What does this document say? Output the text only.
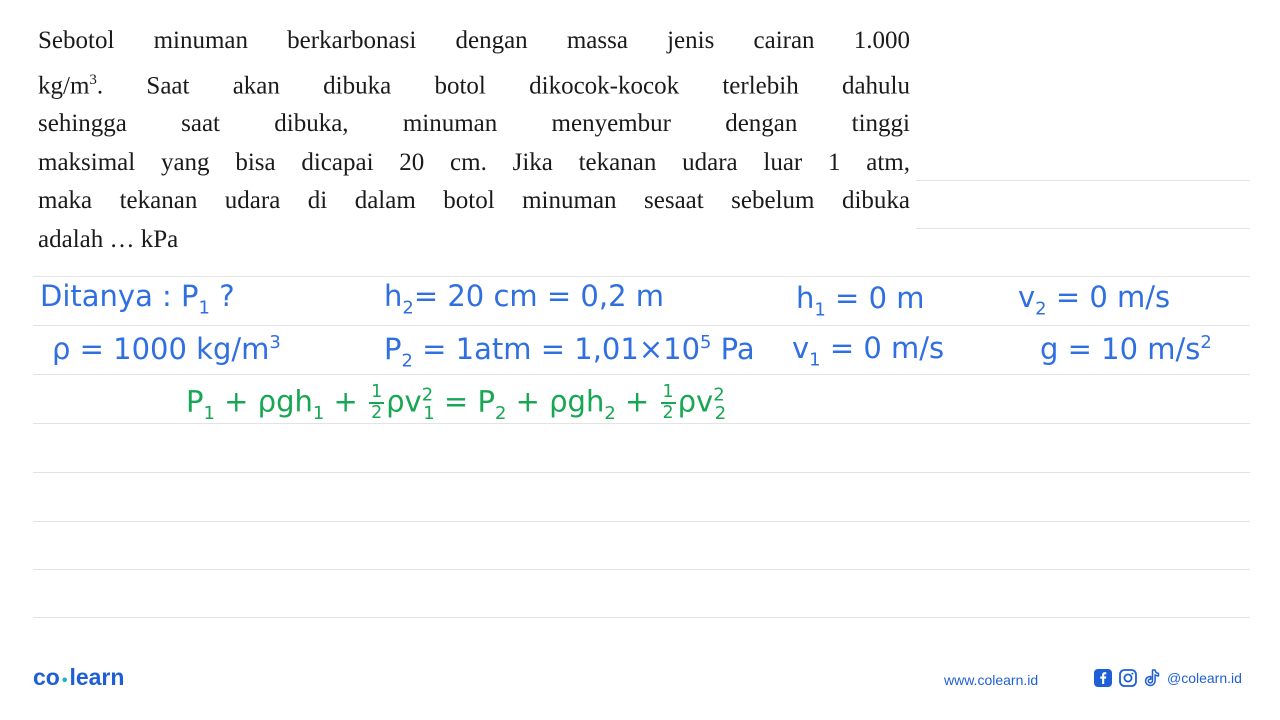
Sebotol minuman berkarbonasi dengan massa jenis cairan 1.000
$kg/m^3$. Saat akan dibuka botol dikocok-kocok terlebih dahulu
sehingga saat dibuka, minuman menyembur dengan tinggi
maksimal yang bisa dicapai 20 cm. Jika tekanan udara luar 1 atm,
maka tekanan udara di dalam botol minuman sesaat sebelum dibuka
adalah … kPa
Ditanya : $P_1$ ?	$h_2= 20$ cm = 0,2 m	$h_1 = 0$ m	$v_2 = 0$ m/s
ρ = 1000 $kg/m^3$	$P_2 = 1atm = 1,01\times 10^5$ Pa $v_1 = 0$ m/s	g = 10 $m/s^2$
$P_1 + \rho gh_1 + \frac{1}{2} \rho v^2_1 = P_2 + \rho gh_2 + \frac{1}{2} \rho v^2_2$
co •learn	www.colearn.id	@colearn.id
